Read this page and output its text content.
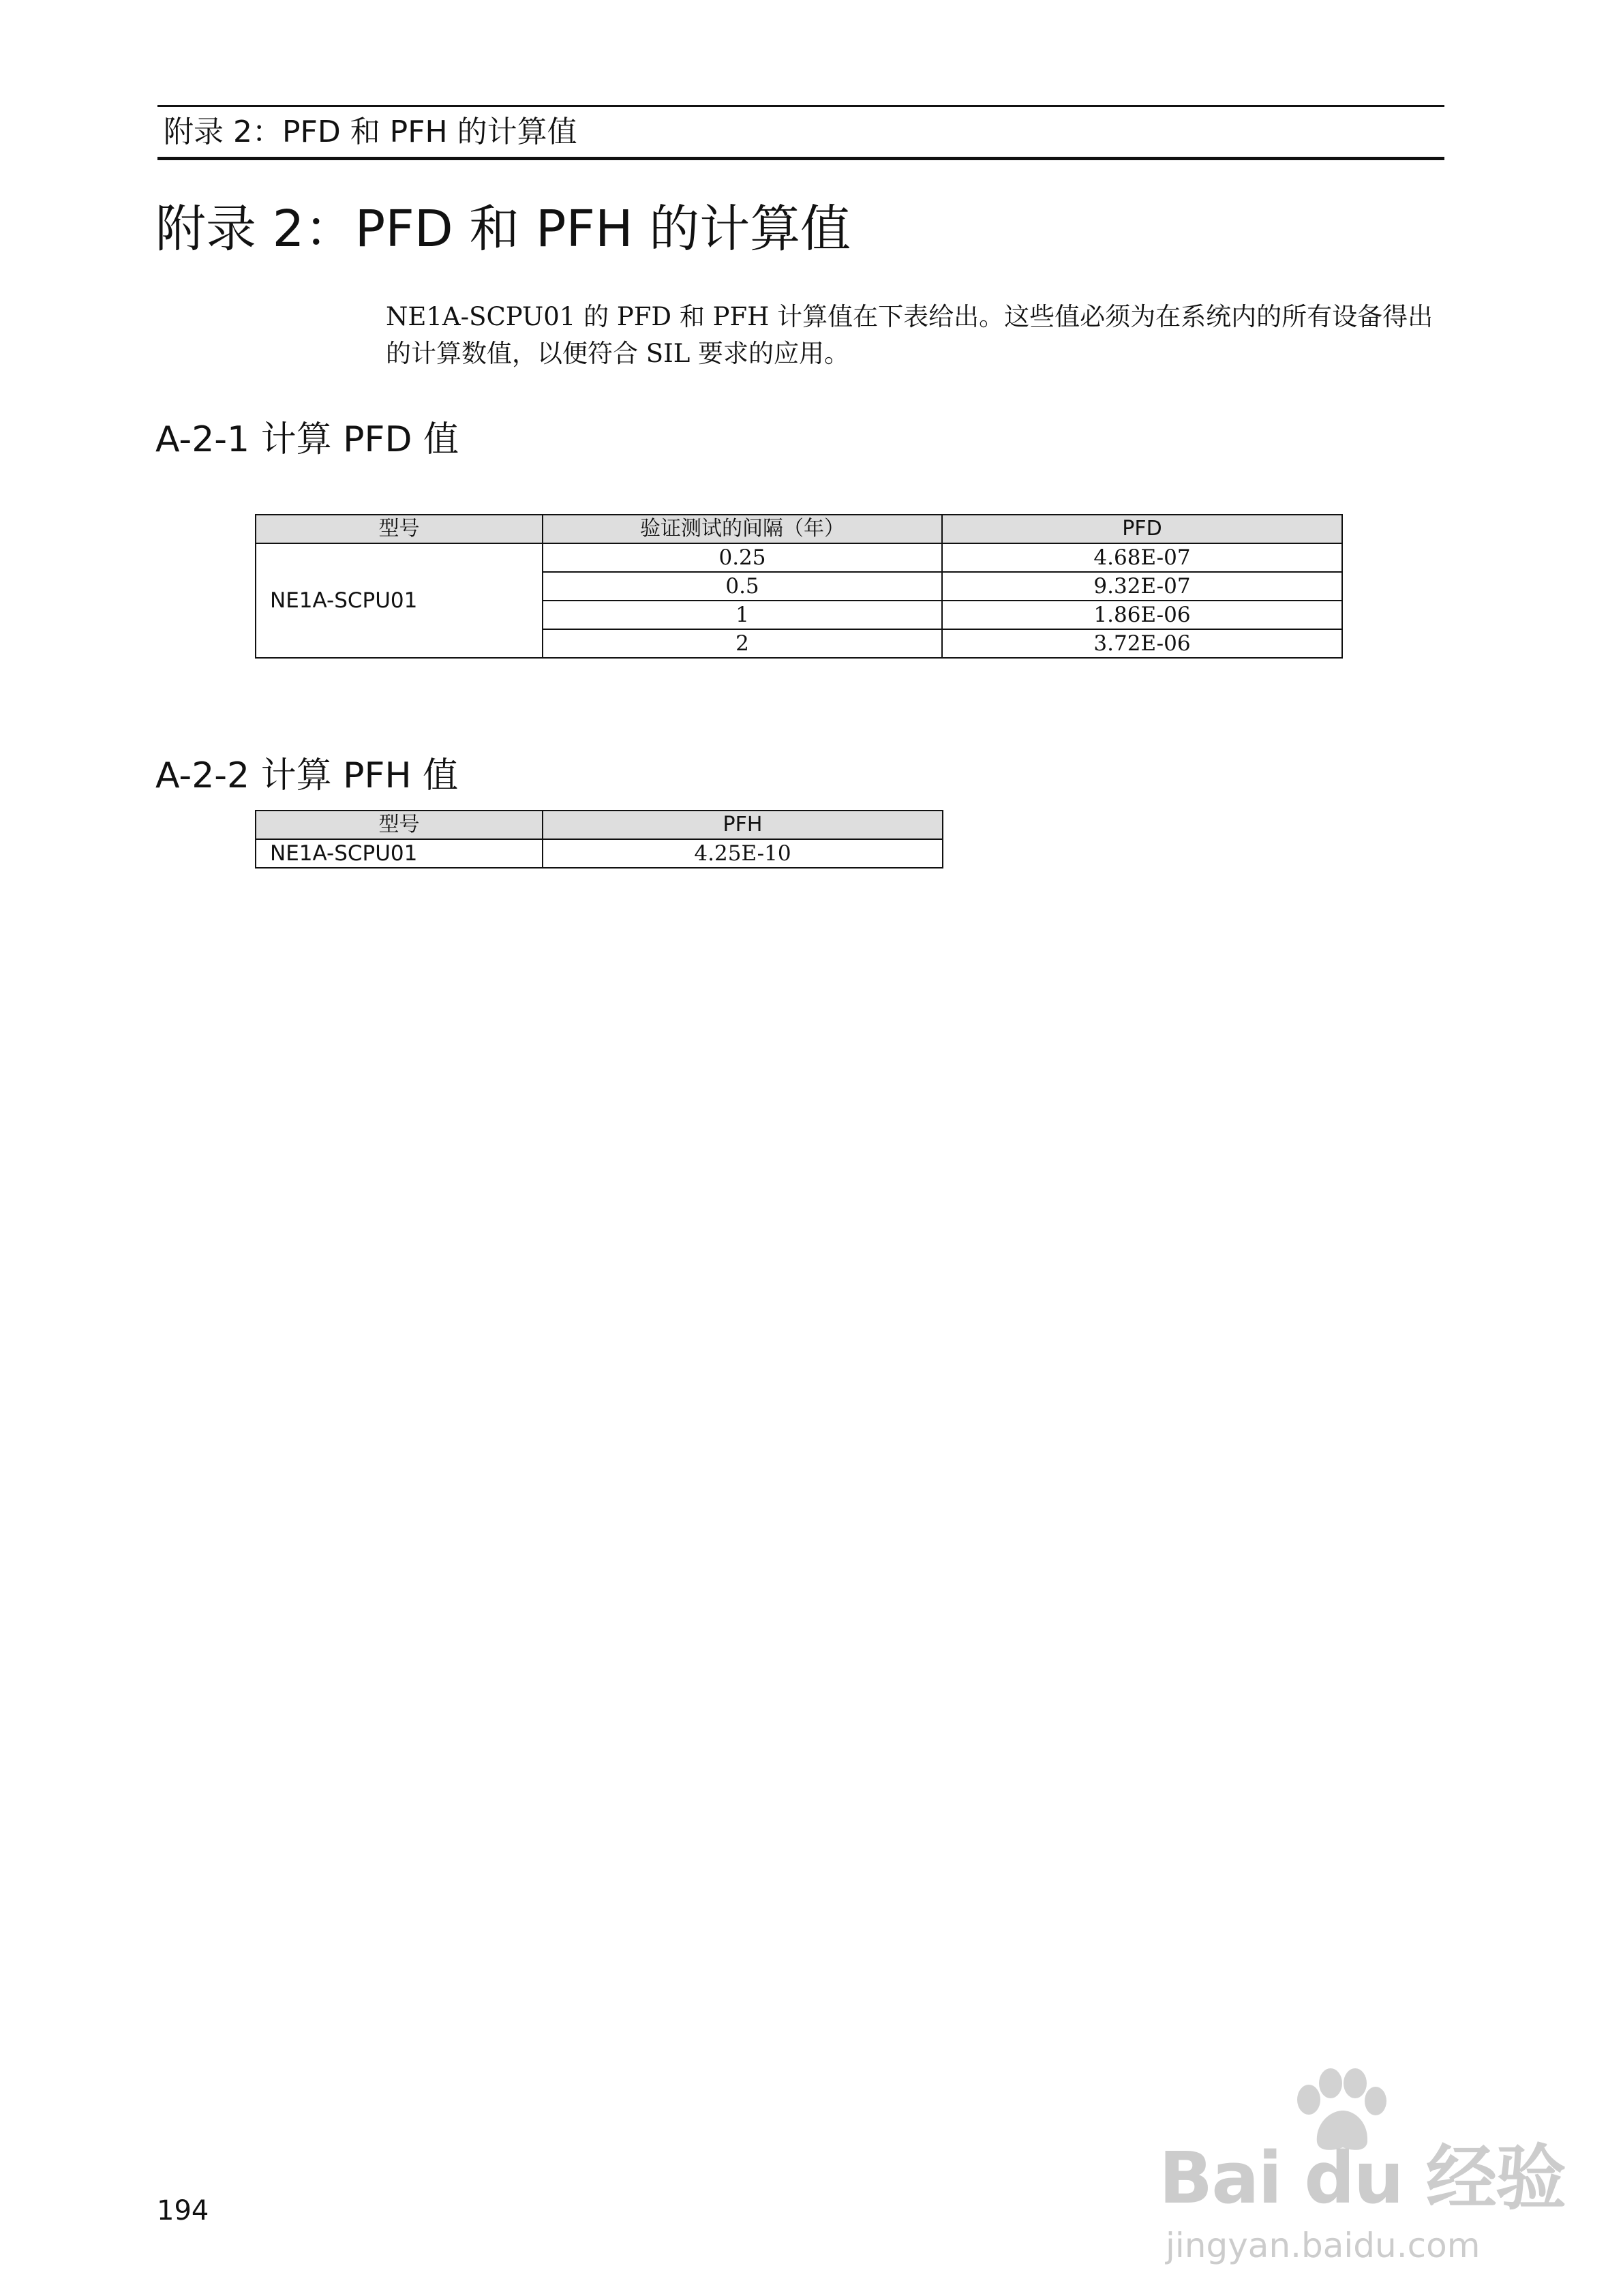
附录 2：PFD 和 PFH 的计算值
附录 2：PFD 和 PFH 的计算值

NE1A-SCPU01 的 PFD 和 PFH 计算值在下表给出。这些值必须为在系统内的所有设备得出的计算数值，以便符合 SIL 要求的应用。

A-2-1 计算 PFD 值
型号	验证测试的间隔（年）	PFD
NE1A-SCPU01	0.25	4.68E-07
	0.5	9.32E-07
	1	1.86E-06
	2	3.72E-06
A-2-2 计算 PFH 值
型号	PFH
NE1A-SCPU01	4.25E-10
194	Bai du 经验
jingyan.baidu.com
